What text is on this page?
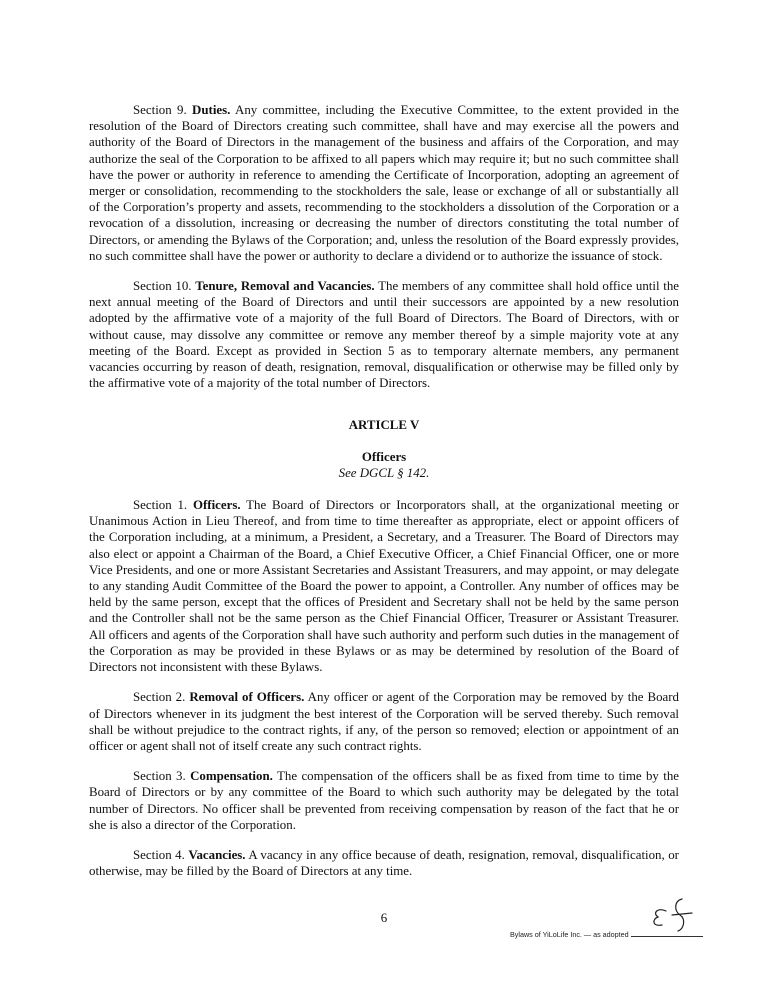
Section 9. Duties. Any committee, including the Executive Committee, to the extent provided in the resolution of the Board of Directors creating such committee, shall have and may exercise all the powers and authority of the Board of Directors in the management of the business and affairs of the Corporation, and may authorize the seal of the Corporation to be affixed to all papers which may require it; but no such committee shall have the power or authority in reference to amending the Certificate of Incorporation, adopting an agreement of merger or consolidation, recommending to the stockholders the sale, lease or exchange of all or substantially all of the Corporation’s property and assets, recommending to the stockholders a dissolution of the Corporation or a revocation of a dissolution, increasing or decreasing the number of directors constituting the total number of Directors, or amending the Bylaws of the Corporation; and, unless the resolution of the Board expressly provides, no such committee shall have the power or authority to declare a dividend or to authorize the issuance of stock.

Section 10. Tenure, Removal and Vacancies. The members of any committee shall hold office until the next annual meeting of the Board of Directors and until their successors are appointed by a new resolution adopted by the affirmative vote of a majority of the full Board of Directors. The Board of Directors, with or without cause, may dissolve any committee or remove any member thereof by a simple majority vote at any meeting of the Board. Except as provided in Section 5 as to temporary alternate members, any permanent vacancies occurring by reason of death, resignation, removal, disqualification or otherwise may be filled only by the affirmative vote of a majority of the total number of Directors.

ARTICLE V

Officers

See DGCL § 142.

Section 1. Officers. The Board of Directors or Incorporators shall, at the organizational meeting or Unanimous Action in Lieu Thereof, and from time to time thereafter as appropriate, elect or appoint officers of the Corporation including, at a minimum, a President, a Secretary, and a Treasurer. The Board of Directors may also elect or appoint a Chairman of the Board, a Chief Executive Officer, a Chief Financial Officer, one or more Vice Presidents, and one or more Assistant Secretaries and Assistant Treasurers, and may appoint, or may delegate to any standing Audit Committee of the Board the power to appoint, a Controller. Any number of offices may be held by the same person, except that the offices of President and Secretary shall not be held by the same person and the Controller shall not be the same person as the Chief Financial Officer, Treasurer or Assistant Treasurer. All officers and agents of the Corporation shall have such authority and perform such duties in the management of the Corporation as may be provided in these Bylaws or as may be determined by resolution of the Board of Directors not inconsistent with these Bylaws.

Section 2. Removal of Officers. Any officer or agent of the Corporation may be removed by the Board of Directors whenever in its judgment the best interest of the Corporation will be served thereby. Such removal shall be without prejudice to the contract rights, if any, of the person so removed; election or appointment of an officer or agent shall not of itself create any such contract rights.

Section 3. Compensation. The compensation of the officers shall be as fixed from time to time by the Board of Directors or by any committee of the Board to which such authority may be delegated by the total number of Directors. No officer shall be prevented from receiving compensation by reason of the fact that he or she is also a director of the Corporation.

Section 4. Vacancies. A vacancy in any office because of death, resignation, removal, disqualification, or otherwise, may be filled by the Board of Directors at any time.

6
Bylaws of YiLoLife Inc. — as adopted
